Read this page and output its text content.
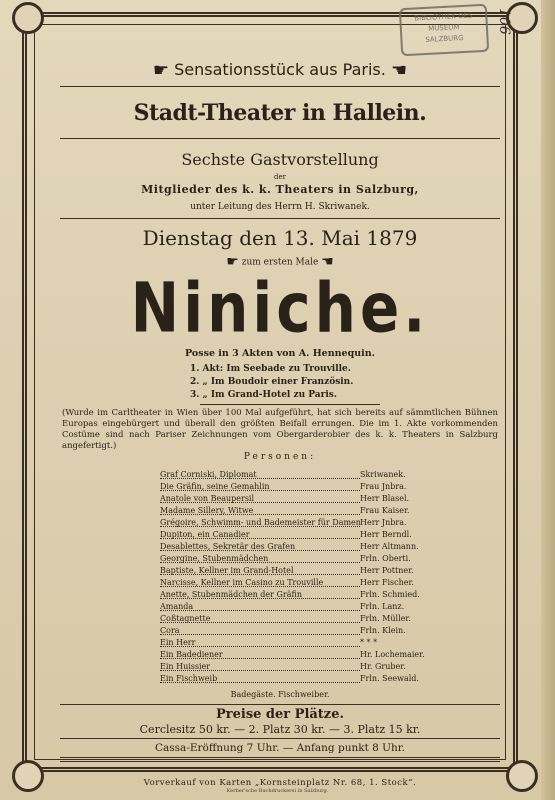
BIBLIOTHEK DES
MUSEUM
SALZBURG
106
☛ Sensationsstück aus Paris. ☚
Stadt-Theater in Hallein.
Sechste Gastvorstellung
der
Mitglieder des k. k. Theaters in Salzburg,
unter Leitung des Herrn H. Skriwanek.
Dienstag den 13. Mai 1879
☛ zum ersten Male ☚
Niniche.
Posse in 3 Akten von A. Hennequin.
1. Akt: Im Seebade zu Trouville.
2. „ Im Boudoir einer Französin.
3. „ Im Grand-Hotel zu Paris.
(Wurde im Carltheater in Wien über 100 Mal aufgeführt, hat sich bereits auf sämmtlichen Bühnen Europas eingebürgert und überall den größten Beifall errungen. Die im 1. Akte vorkommenden Costüme sind nach Pariser Zeichnungen vom Obergarderobier des k. k. Theaters in Salzburg angefertigt.)
Personen:
Graf Corniski, Diplomat	Skriwanek.
Die Gräfin, seine Gemahlin	Frau Jnbra.
Anatole von Beaupersil	Herr Blasel.
Madame Sillery, Witwe	Frau Kaiser.
Grégoire, Schwimm- und Bademeister für Damen Herr Jnbra.
Dupiton, ein Canadier	Herr Berndl.
Desablettes, Sekretär des Grafen	Herr Altmann.
Georgine, Stubenmädchen	Frln. Oberti.
Baptiste, Kellner im Grand-Hotel	Herr Pottner.
Narcisse, Kellner im Casino zu Trouville	Herr Fischer.
Anette, Stubenmädchen der Gräfin	Frln. Schmied.
Amanda	Frln. Lanz.
Coßtagnette	Frln. Müller.
Cora	Frln. Klein.
Ein Herr	* * *
Ein Badediener	Hr. Lochemaier.
Ein Huissier	Hr. Gruber.
Ein Fischweib	Frln. Seewald.
Badegäste. Fischweiber.
Preise der Plätze.
Cerclesitz 50 kr. — 2. Platz 30 kr. — 3. Platz 15 kr.
Cassa-Eröffnung 7 Uhr. — Anfang punkt 8 Uhr.
Vorverkauf von Karten „Kornsteinplatz Nr. 68, 1. Stock“.
Kerber'sche Buchdruckerei in Salzburg.
